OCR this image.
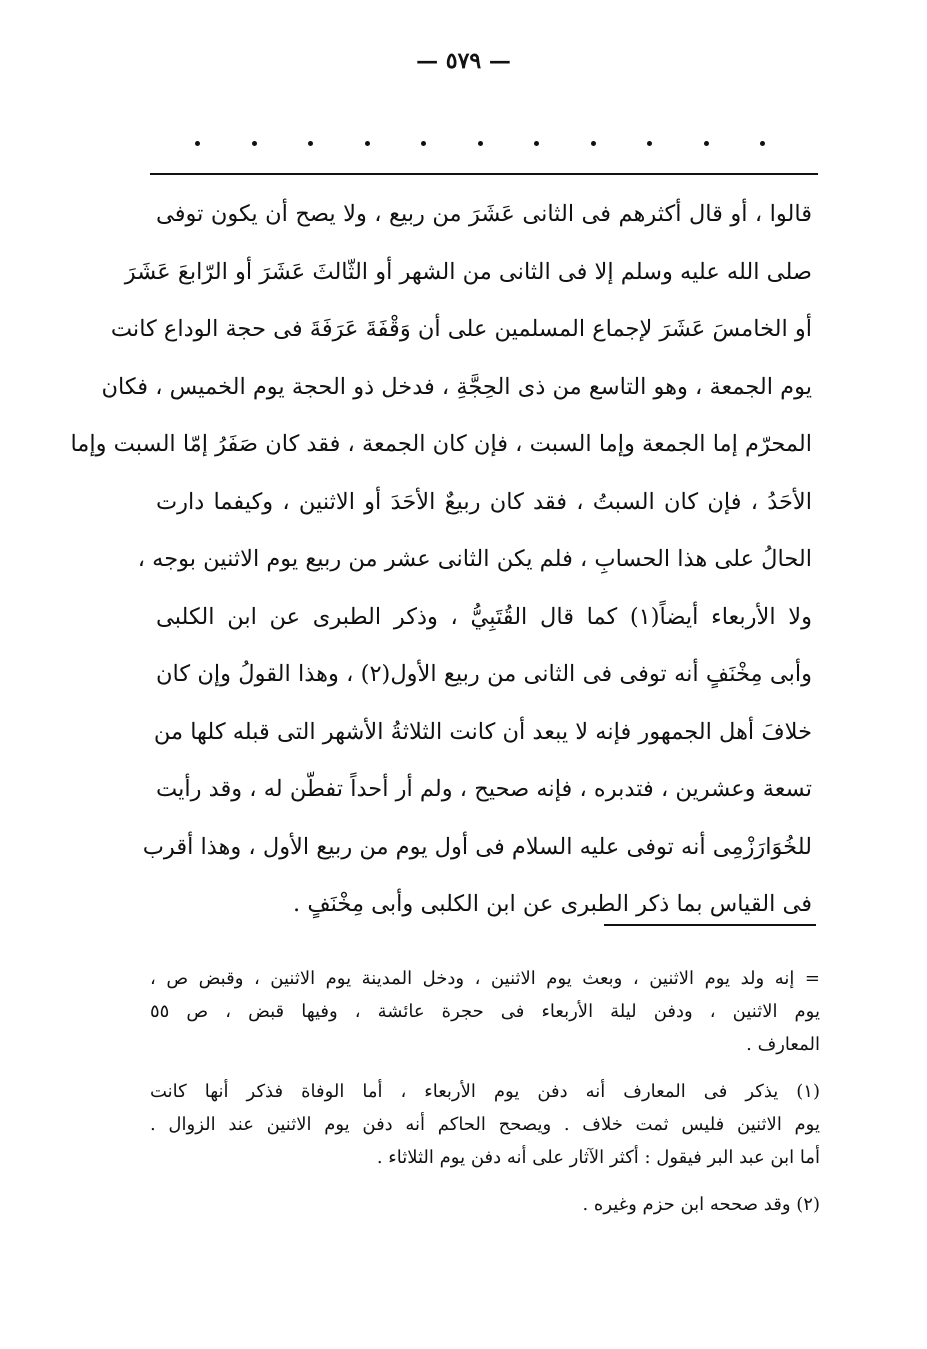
— ٥٧٩ —
قالوا ، أو قال أكثرهم فى الثانى عَشَرَ من ربيع ، ولا يصح أن يكون توفى
صلى الله عليه وسلم إلا فى الثانى من الشهر أو الثّالثَ عَشَرَ أو الرّابعَ عَشَرَ
أو الخامسَ عَشَرَ لإجماع المسلمين على أن وَقْفَةَ عَرَفَةَ فى حجة الوداع كانت
يوم الجمعة ، وهو التاسع من ذى الحِجَّةِ ، فدخل ذو الحجة يوم الخميس ، فكان
المحرّم إما الجمعة وإما السبت ، فإن كان الجمعة ، فقد كان صَفَرُ إمّا السبت وإما
الأحَدُ ، فإن كان السبتُ ، فقد كان ربيعٌ الأحَدَ أو الاثنين ، وكيفما دارت
الحالُ على هذا الحسابِ ، فلم يكن الثانى عشر من ربيع يوم الاثنين بوجه ،
ولا الأربعاء أيضاً(١) كما قال القُتَبِيُّ ، وذكر الطبرى عن ابن الكلبى
وأبى مِخْنَفٍ أنه توفى فى الثانى من ربيع الأول(٢) ، وهذا القولُ وإن كان
خلافَ أهل الجمهور فإنه لا يبعد أن كانت الثلاثةُ الأشهر التى قبله كلها من
تسعة وعشرين ، فتدبره ، فإنه صحيح ، ولم أر أحداً تفطّن له ، وقد رأيت
للخُوَارَزْمِى أنه توفى عليه السلام فى أول يوم من ربيع الأول ، وهذا أقرب
فى القياس بما ذكر الطبرى عن ابن الكلبى وأبى مِخْنَفٍ .
= إنه ولد يوم الاثنين ، وبعث يوم الاثنين ، ودخل المدينة يوم الاثنين ، وقبض ص ،
يوم الاثنين ، ودفن ليلة الأربعاء فى حجرة عائشة ، وفيها قبض ، ص ٥٥
المعارف .
(١) يذكر فى المعارف أنه دفن يوم الأربعاء ، أما الوفاة فذكر أنها كانت
يوم الاثنين فليس ثمت خلاف . ويصحح الحاكم أنه دفن يوم الاثنين عند الزوال .
أما ابن عبد البر فيقول : أكثر الآثار على أنه دفن يوم الثلاثاء .
(٢) وقد صححه ابن حزم وغيره .
